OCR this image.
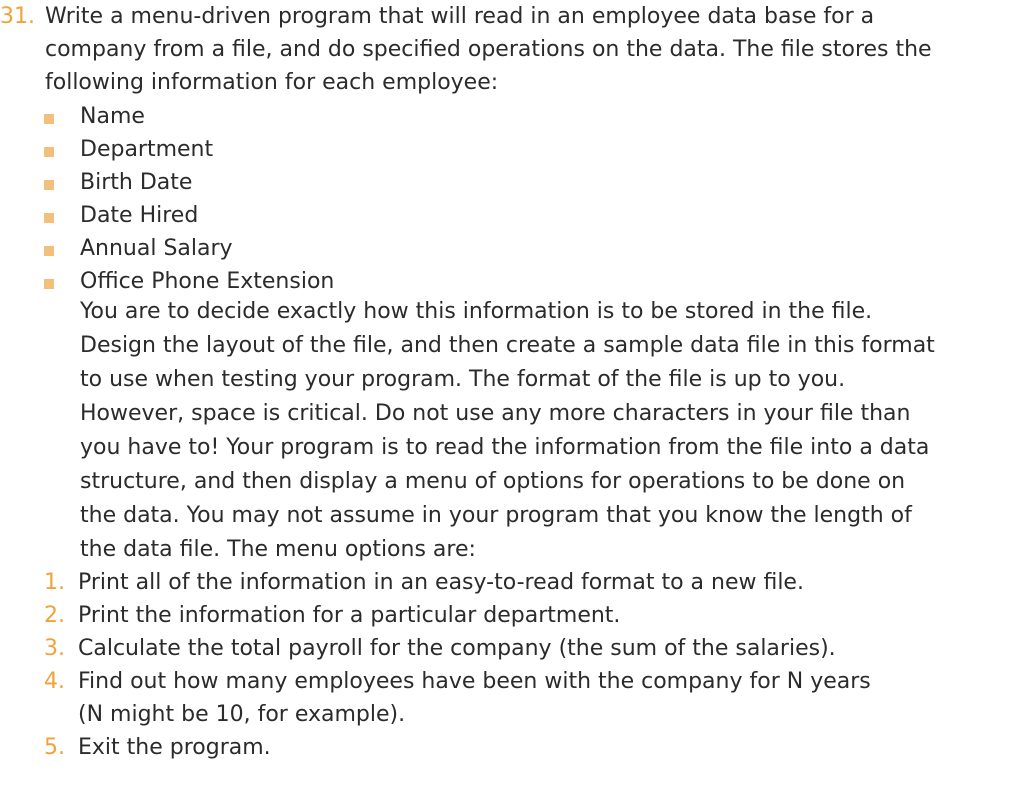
31. Write a menu-driven program that will read in an employee data base for a
company from a file, and do specified operations on the data. The file stores the
following information for each employee:
Name
Department
Birth Date
Date Hired
Annual Salary
Office Phone Extension
You are to decide exactly how this information is to be stored in the file.
Design the layout of the file, and then create a sample data file in this format
to use when testing your program. The format of the file is up to you.
However, space is critical. Do not use any more characters in your file than
you have to! Your program is to read the information from the file into a data
structure, and then display a menu of options for operations to be done on
the data. You may not assume in your program that you know the length of
the data file. The menu options are:
1. Print all of the information in an easy-to-read format to a new file.
2. Print the information for a particular department.
3. Calculate the total payroll for the company (the sum of the salaries).
4. Find out how many employees have been with the company for N years
(N might be 10, for example).
5. Exit the program.
